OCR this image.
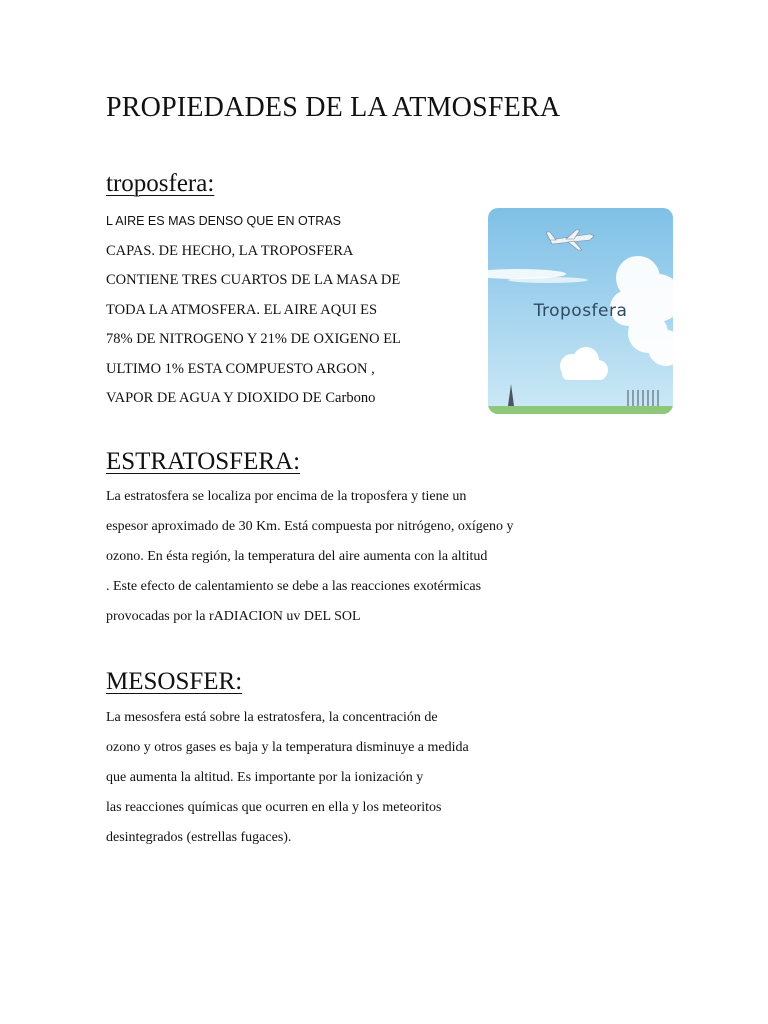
PROPIEDADES DE LA ATMOSFERA
troposfera:
L AIRE ES MAS DENSO QUE EN OTRAS
CAPAS. DE HECHO, LA TROPOSFERA
CONTIENE TRES CUARTOS DE LA MASA DE
TODA LA ATMOSFERA. EL AIRE AQUI ES
78% DE NITROGENO Y 21% DE OXIGENO EL
ULTIMO 1% ESTA COMPUESTO ARGON ,
VAPOR DE AGUA Y DIOXIDO DE Carbono
Troposfera
ESTRATOSFERA:
La estratosfera se localiza por encima de la troposfera y tiene un
espesor aproximado de 30 Km. Está compuesta por nitrógeno, oxígeno y
ozono. En ésta región, la temperatura del aire aumenta con la altitud
. Este efecto de calentamiento se debe a las reacciones exotérmicas
provocadas por la rADIACION uv DEL SOL
MESOSFER:
La mesosfera está sobre la estratosfera, la concentración de
ozono y otros gases es baja y la temperatura disminuye a medida
que aumenta la altitud. Es importante por la ionización y
las reacciones químicas que ocurren en ella y los meteoritos
desintegrados (estrellas fugaces).
